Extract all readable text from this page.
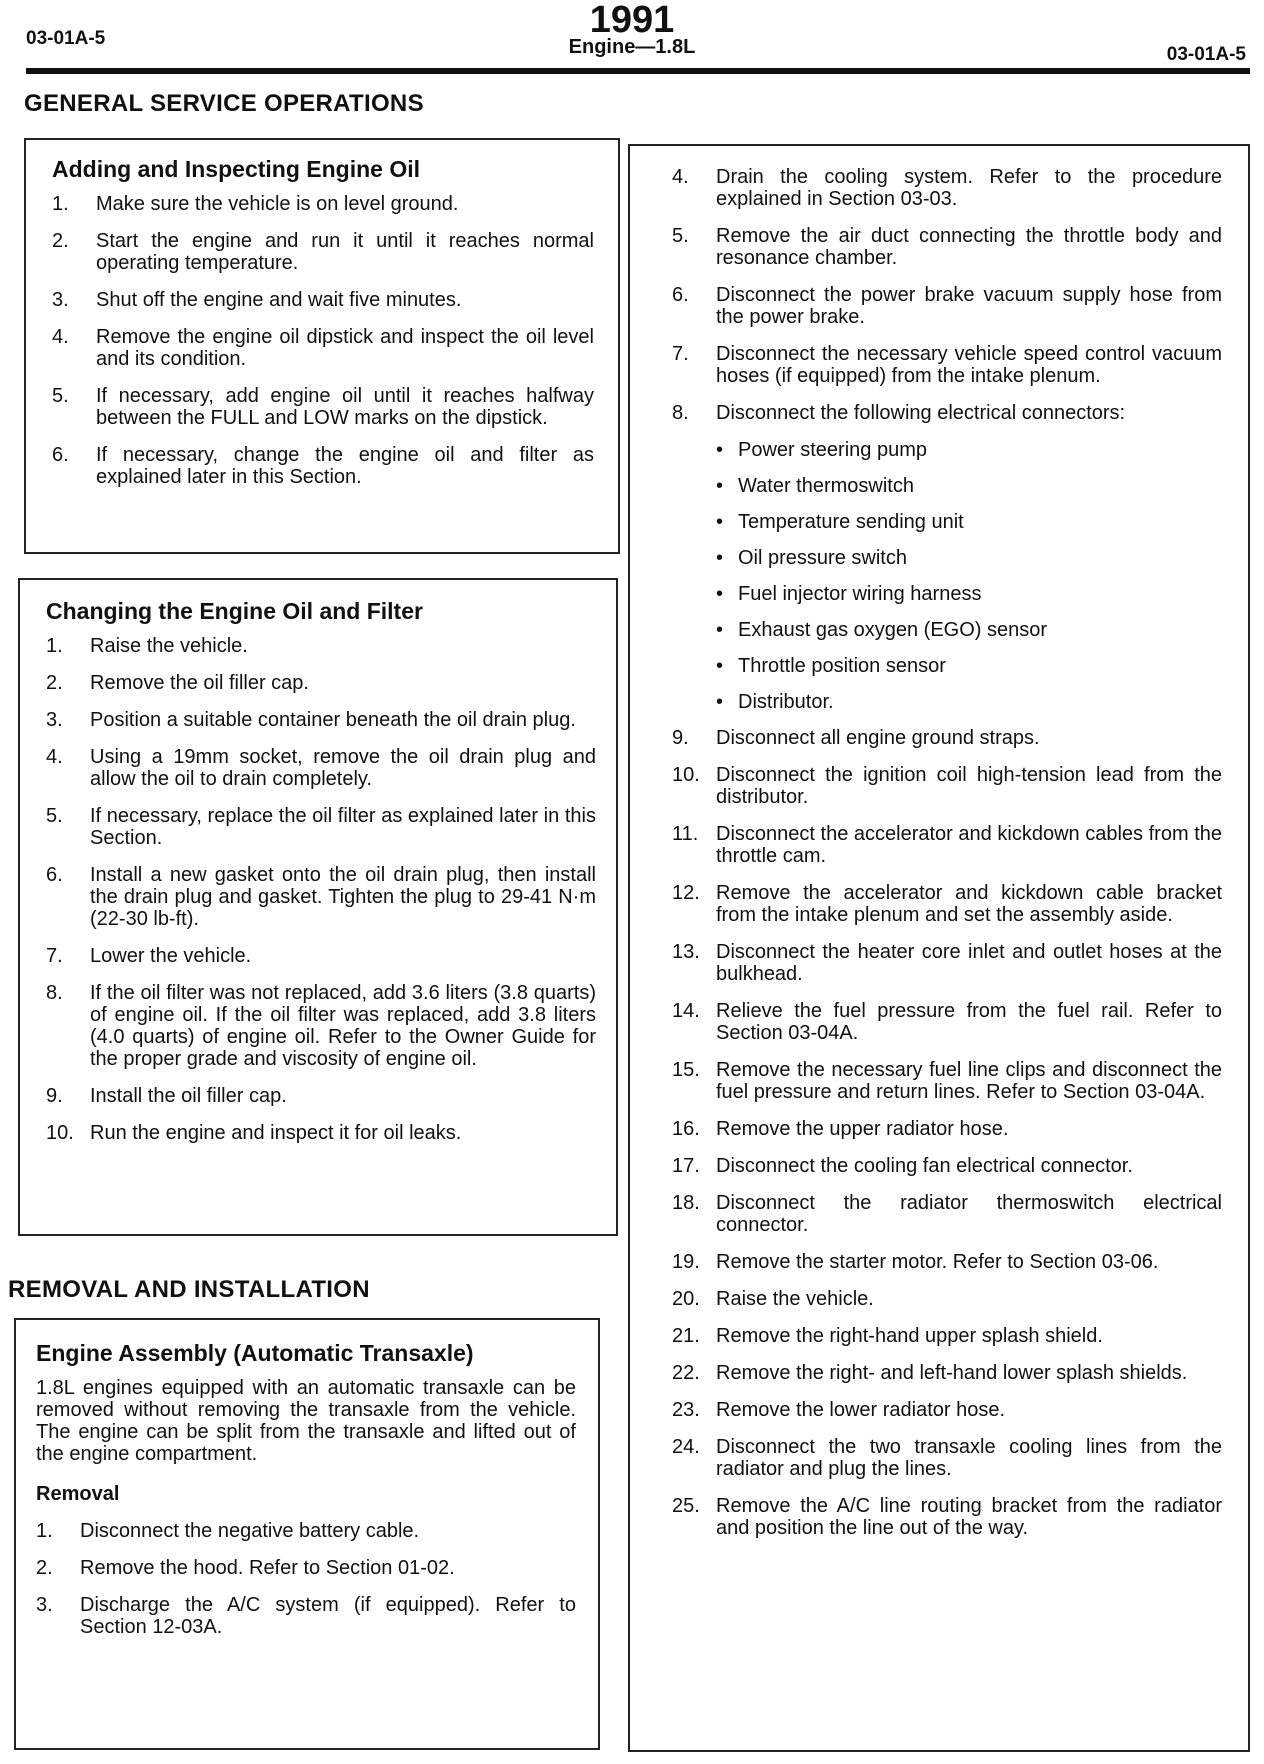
1991
03-01A-5	Engine—1.8L	03-01A-5
GENERAL SERVICE OPERATIONS
Adding and Inspecting Engine Oil
1.	Make sure the vehicle is on level ground.
2.	Start the engine and run it until it reaches normal operating temperature.
3.	Shut off the engine and wait five minutes.
4.	Remove the engine oil dipstick and inspect the oil level and its condition.
5.	If necessary, add engine oil until it reaches halfway between the FULL and LOW marks on the dipstick.
6.	If necessary, change the engine oil and filter as explained later in this Section.
Changing the Engine Oil and Filter
1.	Raise the vehicle.
2.	Remove the oil filler cap.
3.	Position a suitable container beneath the oil drain plug.
4.	Using a 19mm socket, remove the oil drain plug and allow the oil to drain completely.
5.	If necessary, replace the oil filter as explained later in this Section.
6.	Install a new gasket onto the oil drain plug, then install the drain plug and gasket. Tighten the plug to 29-41 N·m (22-30 lb-ft).
7.	Lower the vehicle.
8.	If the oil filter was not replaced, add 3.6 liters (3.8 quarts) of engine oil. If the oil filter was replaced, add 3.8 liters (4.0 quarts) of engine oil. Refer to the Owner Guide for the proper grade and viscosity of engine oil.
9.	Install the oil filler cap.
10. Run the engine and inspect it for oil leaks.
REMOVAL AND INSTALLATION
Engine Assembly (Automatic Transaxle)

1.8L engines equipped with an automatic transaxle can be removed without removing the transaxle from the vehicle. The engine can be split from the transaxle and lifted out of the engine compartment.

Removal
1.	Disconnect the negative battery cable.
2.	Remove the hood. Refer to Section 01-02.
3.	Discharge the A/C system (if equipped). Refer to Section 12-03A.
4.	Drain the cooling system. Refer to the procedure explained in Section 03-03.
5.	Remove the air duct connecting the throttle body and resonance chamber.
6.	Disconnect the power brake vacuum supply hose from the power brake.
7.	Disconnect the necessary vehicle speed control vacuum hoses (if equipped) from the intake plenum.
8.	Disconnect the following electrical connectors:
• Power steering pump
• Water thermoswitch
• Temperature sending unit
• Oil pressure switch
• Fuel injector wiring harness
• Exhaust gas oxygen (EGO) sensor
• Throttle position sensor
• Distributor.
9.	Disconnect all engine ground straps.
10. Disconnect the ignition coil high-tension lead from the distributor.
11. Disconnect the accelerator and kickdown cables from the throttle cam.
12. Remove the accelerator and kickdown cable bracket from the intake plenum and set the assembly aside.
13. Disconnect the heater core inlet and outlet hoses at the bulkhead.
14. Relieve the fuel pressure from the fuel rail. Refer to Section 03-04A.
15. Remove the necessary fuel line clips and disconnect the fuel pressure and return lines. Refer to Section 03-04A.
16. Remove the upper radiator hose.
17. Disconnect the cooling fan electrical connector.
18. Disconnect the radiator thermoswitch electrical connector.
19. Remove the starter motor. Refer to Section 03-06.
20. Raise the vehicle.
21. Remove the right-hand upper splash shield.
22. Remove the right- and left-hand lower splash shields.
23. Remove the lower radiator hose.
24. Disconnect the two transaxle cooling lines from the radiator and plug the lines.
25. Remove the A/C line routing bracket from the radiator and position the line out of the way.
